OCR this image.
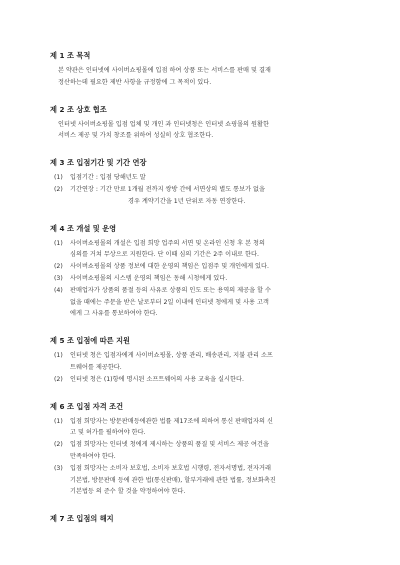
제 1 조 목적

본 약관은 인터넷에 사이버쇼핑몰에 입점 하여 상품 또는 서비스를 판매 및 결재
정산하는데 필요한 제반 사항을 규정함에 그 목적이 있다.

제 2 조 상호 협조

인터넷 사이버쇼핑몰 입점 업체 및 개인 과 인터넷청은 인터넷 쇼핑몰의 원활한
서비스 제공 및 가치 창조를 위하여 성실히 상호 협조한다.

제 3 조 입점기간 및 기간 연장
(1) 입점기간 : 입점 당해년도 말
(2) 기간연장 : 기간 만료 1개월 전까지 쌍방 간에 서면상의 별도 통보가 없을
경우 계약기간을 1년 단위로 자동 연장한다.
제 4 조 개설 및 운영
(1) 사이버쇼핑몰의 개설은 입점 희망 업주의 서면 및 온라인 신청 후 본 청의
심의를 거쳐 무상으로 지원한다. 단 이때 심의 기간은 2주 이내로 한다.
(2) 사이버쇼핑몰의 상품 정보에 대한 운영의 책임은 입점주 및 개인에게 있다.
(3) 사이버쇼핑몰의 시스템 운영의 책임은 동해 시청에게 있다.
(4) 판매업자가 상품의 품절 등의 사유로 상품의 인도 또는 용역의 제공을 할 수
없을 때에는 주문을 받은 날로부터 2일 이내에 인터넷 청에게 및 사용 고객
에게 그 사유를 통보하여야 한다.
제 5 조 입점에 따른 지원
(1) 인터넷 청은 입점자에게 사이버쇼핑몰, 상품 관리, 배송관리, 지불 관리 소프
트웨어를 제공한다.
(2) 인터넷 청은 (1)항에 명시된 소프트웨어의 사용 교육을 실시한다.
제 6 조 입점 자격 조건
(1) 입점 희망자는 방문판매등에관한 법률 제17조에 의하여 통신 판매업자의 신
고 및 허가를 필하여야 한다.
(2) 입점 희망자는 인터넷 청에게 제시하는 상품의 품질 및 서비스 제공 여건을
만족하여야 한다.
(3) 입점 희망자는 소비자 보호법, 소비자 보호법 시행령, 전자서명법, 전자거래
기본법, 방문판매 등에 관한 법(통신판매), 할부거래에 관한 법률, 정보화촉진
기본법등 의 준수 할 것을 약정하여야 한다.
제 7 조 입점의 해지
